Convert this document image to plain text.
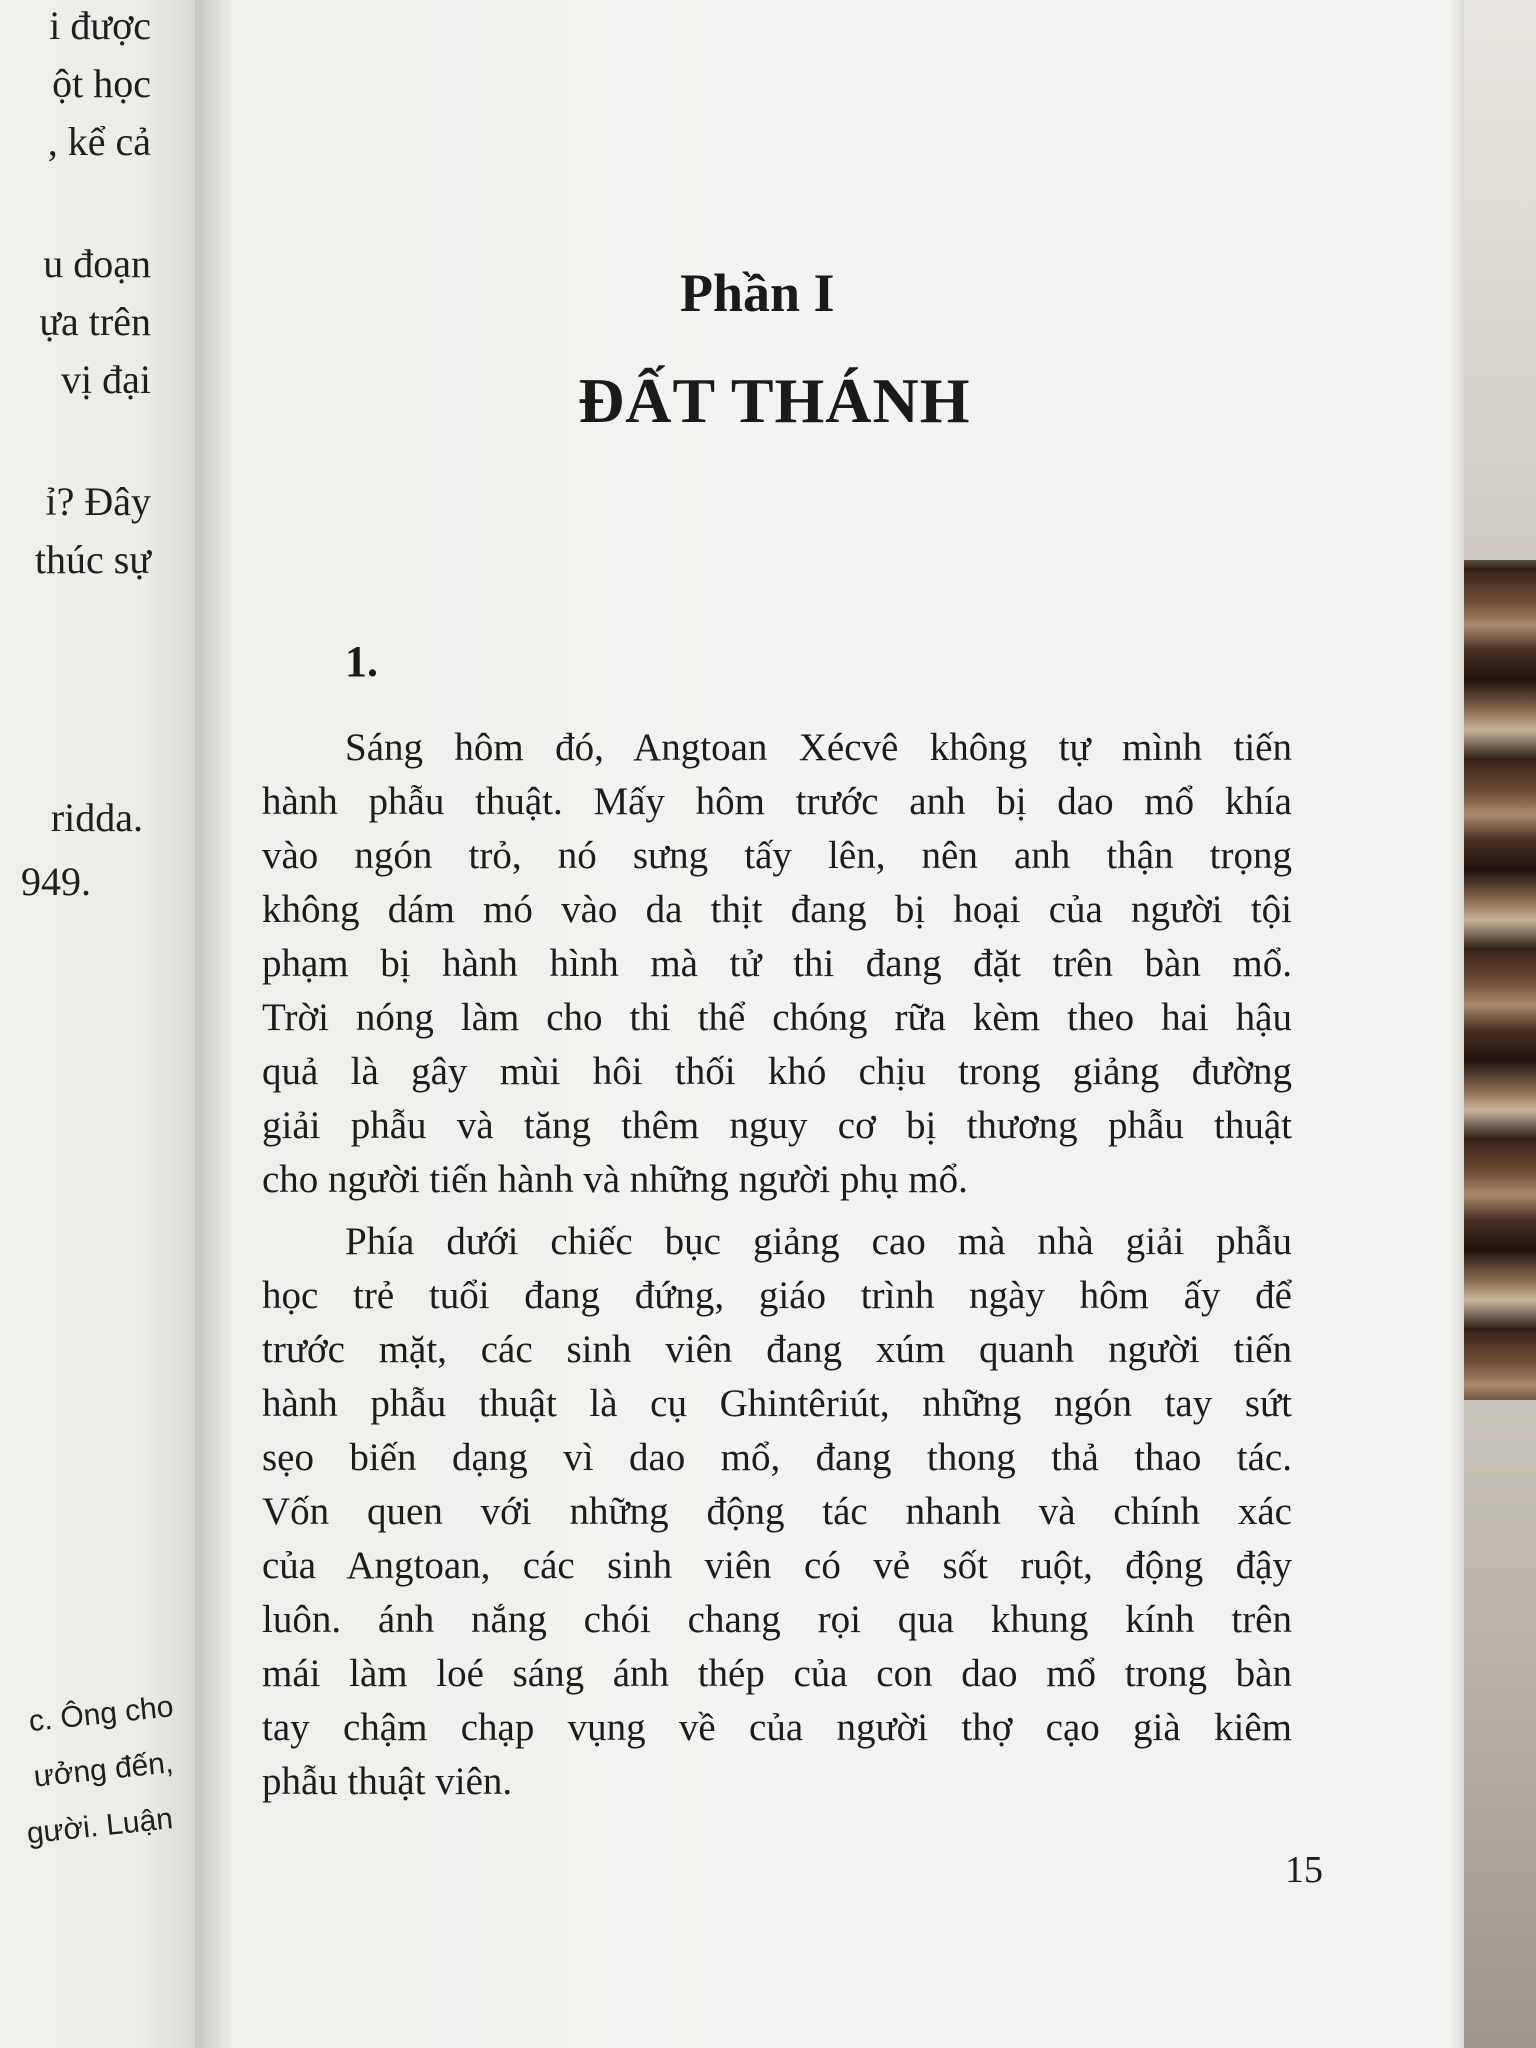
i được
ột học
, kể cả
u đoạn
ựa trên
vị đại
ỉ? Đây
thúc sự
ridda.
949.
c. Ông cho
ưởng đến,
gười. Luận
Phần I
ĐẤT THÁNH
1.
Sáng hôm đó, Angtoan Xécvê không tự mình tiến
hành phẫu thuật. Mấy hôm trước anh bị dao mổ khía
vào ngón trỏ, nó sưng tấy lên, nên anh thận trọng
không dám mó vào da thịt đang bị hoại của người tội
phạm bị hành hình mà tử thi đang đặt trên bàn mổ.
Trời nóng làm cho thi thể chóng rữa kèm theo hai hậu
quả là gây mùi hôi thối khó chịu trong giảng đường
giải phẫu và tăng thêm nguy cơ bị thương phẫu thuật
cho người tiến hành và những người phụ mổ.
Phía dưới chiếc bục giảng cao mà nhà giải phẫu
học trẻ tuổi đang đứng, giáo trình ngày hôm ấy để
trước mặt, các sinh viên đang xúm quanh người tiến
hành phẫu thuật là cụ Ghintêriút, những ngón tay sứt
sẹo biến dạng vì dao mổ, đang thong thả thao tác.
Vốn quen với những động tác nhanh và chính xác
của Angtoan, các sinh viên có vẻ sốt ruột, động đậy
luôn. ánh nắng chói chang rọi qua khung kính trên
mái làm loé sáng ánh thép của con dao mổ trong bàn
tay chậm chạp vụng về của người thợ cạo già kiêm
phẫu thuật viên.
15
